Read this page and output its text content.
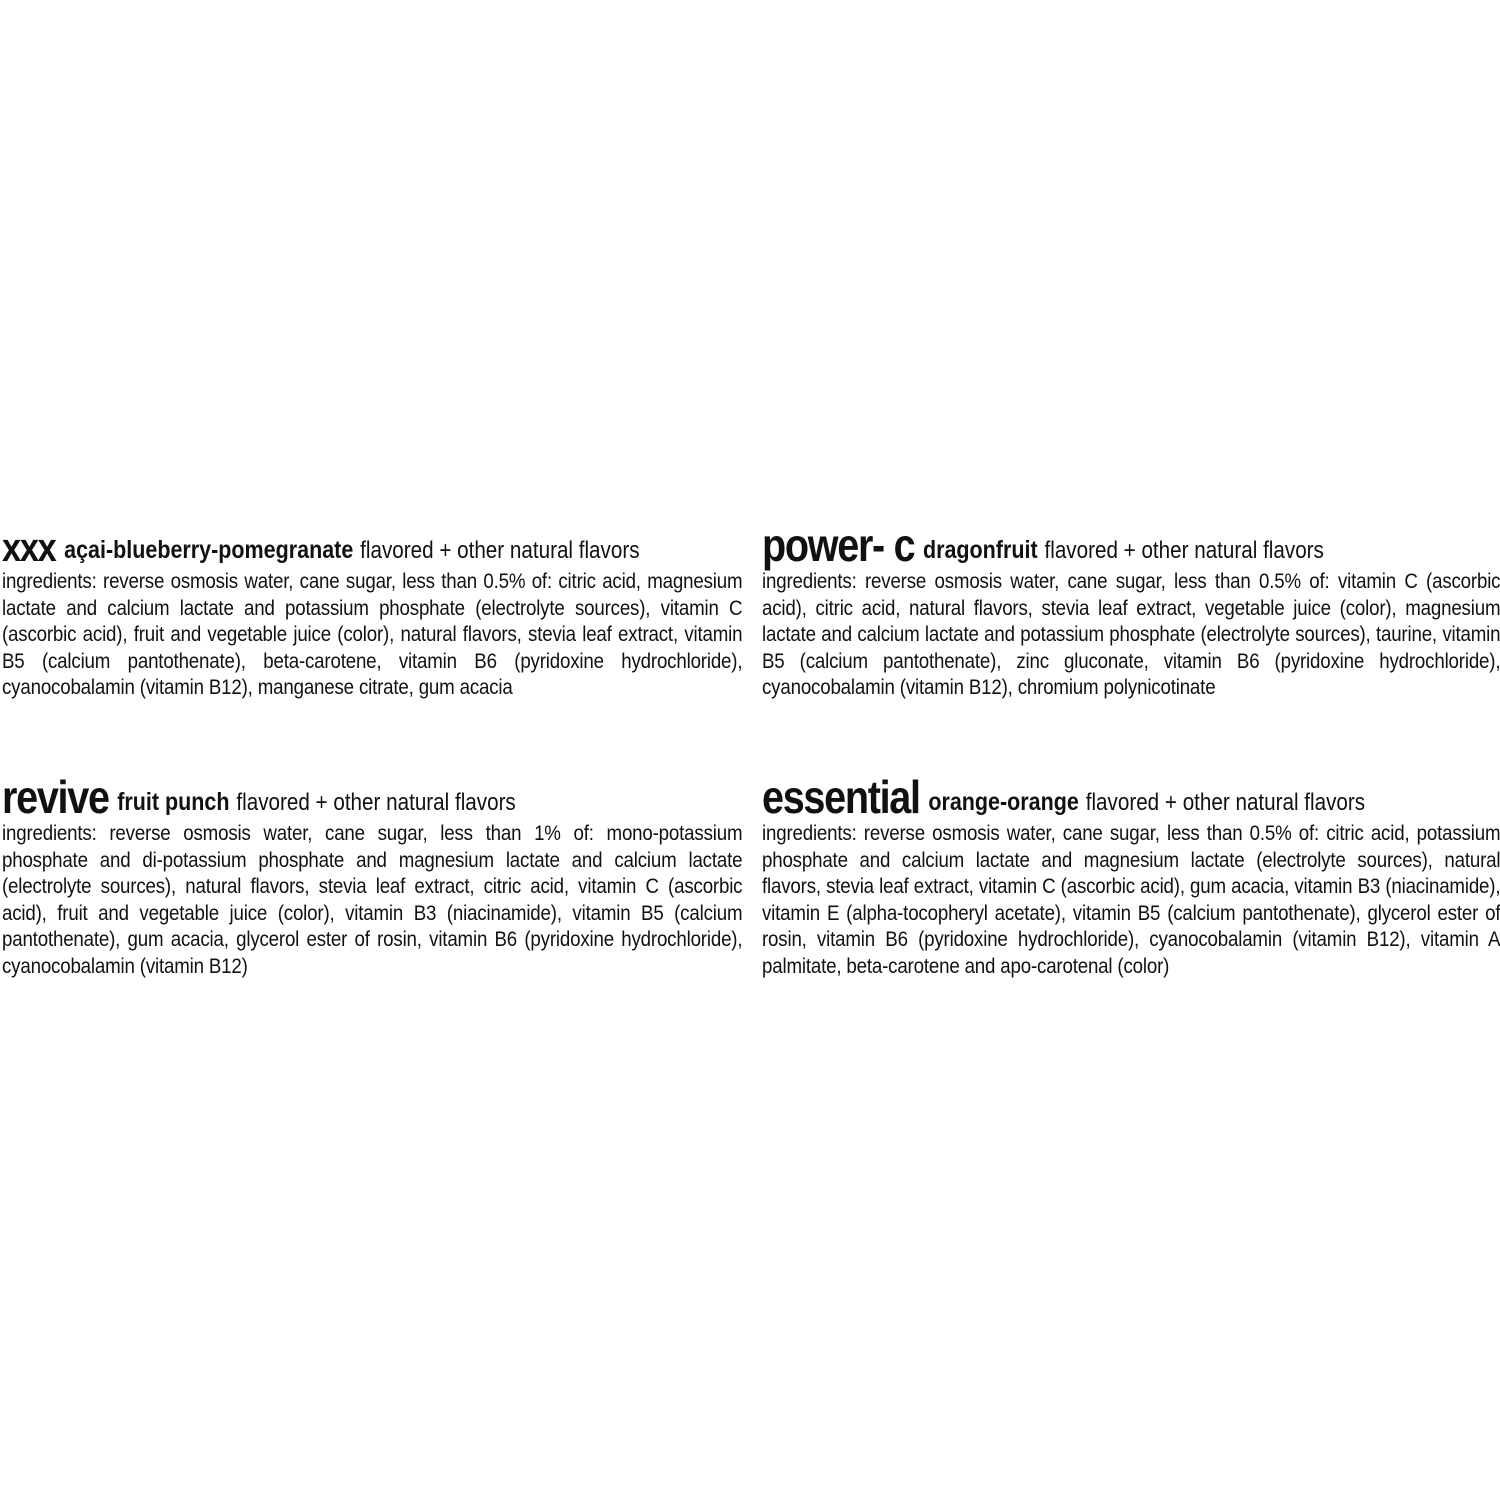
xxx açai-blueberry-pomegranate flavored + other natural flavors

ingredients: reverse osmosis water, cane sugar, less than 0.5% of: citric acid, magnesium lactate and calcium lactate and potassium phosphate (electrolyte sources), vitamin C (ascorbic acid), fruit and vegetable juice (color), natural flavors, stevia leaf extract, vitamin B5 (calcium pantothenate), beta-carotene, vitamin B6 (pyridoxine hydrochloride), cyanocobalamin (vitamin B12), manganese citrate, gum acacia

power- c dragonfruit flavored + other natural flavors

ingredients: reverse osmosis water, cane sugar, less than 0.5% of: vitamin C (ascorbic acid), citric acid, natural flavors, stevia leaf extract, vegetable juice (color), magnesium lactate and calcium lactate and potassium phosphate (electrolyte sources), taurine, vitamin B5 (calcium pantothenate), zinc gluconate, vitamin B6 (pyridoxine hydrochloride), cyanocobalamin (vitamin B12), chromium polynicotinate

revive fruit punch flavored + other natural flavors

ingredients: reverse osmosis water, cane sugar, less than 1% of: mono-potassium phosphate and di-potassium phosphate and magnesium lactate and calcium lactate (electrolyte sources), natural flavors, stevia leaf extract, citric acid, vitamin C (ascorbic acid), fruit and vegetable juice (color), vitamin B3 (niacinamide), vitamin B5 (calcium pantothenate), gum acacia, glycerol ester of rosin, vitamin B6 (pyridoxine hydrochloride), cyanocobalamin (vitamin B12)

essential orange-orange flavored + other natural flavors

ingredients: reverse osmosis water, cane sugar, less than 0.5% of: citric acid, potassium phosphate and calcium lactate and magnesium lactate (electrolyte sources), natural flavors, stevia leaf extract, vitamin C (ascorbic acid), gum acacia, vitamin B3 (niacinamide), vitamin E (alpha-tocopheryl acetate), vitamin B5 (calcium pantothenate), glycerol ester of rosin, vitamin B6 (pyridoxine hydrochloride), cyanocobalamin (vitamin B12), vitamin A palmitate, beta-carotene and apo-carotenal (color)
